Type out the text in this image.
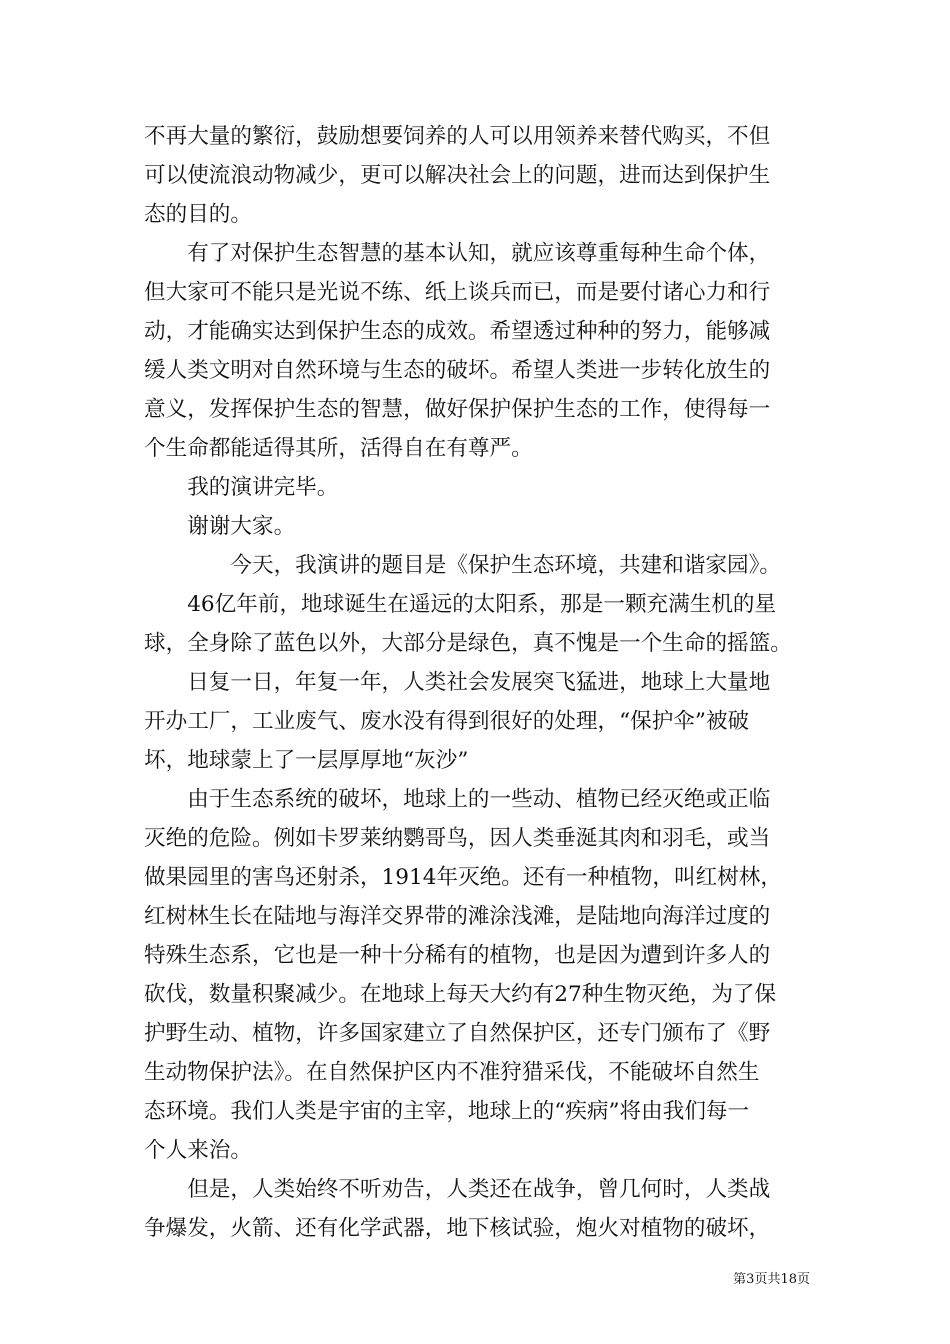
不再大量的繁衍，鼓励想要饲养的人可以用领养来替代购买，不但
可以使流浪动物减少，更可以解决社会上的问题，进而达到保护生
态的目的。
　　有了对保护生态智慧的基本认知，就应该尊重每种生命个体，
但大家可不能只是光说不练、纸上谈兵而已，而是要付诸心力和行
动，才能确实达到保护生态的成效。希望透过种种的努力，能够减
缓人类文明对自然环境与生态的破坏。希望人类进一步转化放生的
意义，发挥保护生态的智慧，做好保护保护生态的工作，使得每一
个生命都能适得其所，活得自在有尊严。
　　我的演讲完毕。
　　谢谢大家。
　　　　今天，我演讲的题目是《保护生态环境，共建和谐家园》。
　　46亿年前，地球诞生在遥远的太阳系，那是一颗充满生机的星
球，全身除了蓝色以外，大部分是绿色，真不愧是一个生命的摇篮。
　　日复一日，年复一年，人类社会发展突飞猛进，地球上大量地
开办工厂，工业废气、废水没有得到很好的处理，“保护伞”被破
坏，地球蒙上了一层厚厚地“灰沙”
　　由于生态系统的破坏，地球上的一些动、植物已经灭绝或正临
灭绝的危险。例如卡罗莱纳鹦哥鸟，因人类垂涎其肉和羽毛，或当
做果园里的害鸟还射杀，1914年灭绝。还有一种植物，叫红树林，
红树林生长在陆地与海洋交界带的滩涂浅滩，是陆地向海洋过度的
特殊生态系，它也是一种十分稀有的植物，也是因为遭到许多人的
砍伐，数量积聚减少。在地球上每天大约有27种生物灭绝，为了保
护野生动、植物，许多国家建立了自然保护区，还专门颁布了《野
生动物保护法》。在自然保护区内不准狩猎采伐，不能破坏自然生
态环境。我们人类是宇宙的主宰，地球上的“疾病”将由我们每一
个人来治。
　　但是，人类始终不听劝告，人类还在战争，曾几何时，人类战
争爆发，火箭、还有化学武器，地下核试验，炮火对植物的破坏，
第3页共18页
